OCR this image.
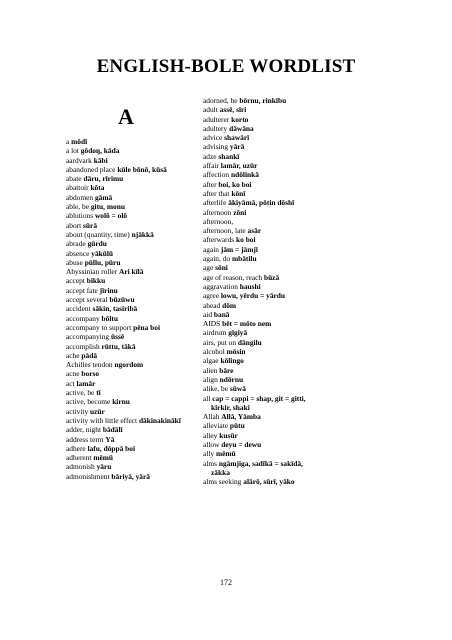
ENGLISH-BOLE WORDLIST
A
a mōdī
a lot gōdoŋ, kāda
aardvark kābi
abandoned place kūle bōnō, kūsā
abate dāru, rīrimu
abattoir kōta
abdomen gāmā
able, be gitu, monu
ablutions wolō = olō
abort sūrā
about (quantity, time) njākkā
abrade gūrdu
absence yākūlū
abuse pūllu, pūru
Abyssinian roller Ari kīlā
accept bikku
accept fate jīrinu
accept several būzūwu
accident sākin, tasiribā
accompany bōltu
accompany to support pēna boi
accompanying ūssē
accomplish rūttu, tākā
ache pādā
Achilles tendon ngordom
acne borso
act lamār
active, be tī
active, become kirnu
activity uzūr
activity with little effect dākinakinākī
adder, night bādālī
address term Yā
adhere lafu, dōppā boi
adherent mēmū
admonish yāru
admonishment bāriyā, yārā
adorned, be bōrnu, rinkību
adult assē, sīri
adulterer korto
adultery dāwāna
advice shawārī
advising yārā
adze shankī
affair lamār, uzūr
affection ndōlinkā
after boi, ko boi
after that kōnī
afterlife ākiyāmā, pōtin dōshī
afternoon zōni
afternoon,
afternoon, late asār
afterwards ko boi
again jām = jāmjī
again, do mbātilu
age sōni
age of reason, reach būzā
aggravation haushi
agree lowu, yērdu = yārdu
ahead dōm
aid banā
AIDS bēt = mōto nem
airdrum gīgiyā
airs, put on dāngilu
alcohol mōsin
algae kōlingo
alien bāre
align ndōrnu
alike, be sūwā
all cap = cappi = shap, git = gitti,
kirkir, shaki
Allah Allā, Yāmba
alleviate pūtu
alley kusūr
allow deyu = dewu
ally mēmū
alms ngāmjiga, sadīkā = sakīdā,
zākka
alms seeking alārō, sūrī, yāko
172
